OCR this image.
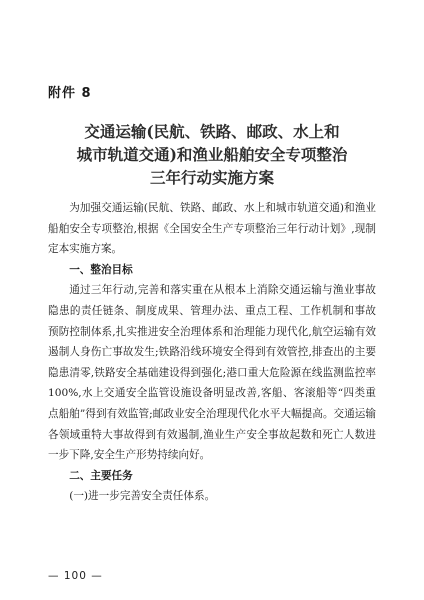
附件 8
交通运输(民航、铁路、邮政、水上和
城市轨道交通)和渔业船舶安全专项整治
三年行动实施方案

为加强交通运输(民航、铁路、邮政、水上和城市轨道交通)和渔业船舶安全专项整治,根据《全国安全生产专项整治三年行动计划》,现制定本实施方案。

一、整治目标

通过三年行动,完善和落实重在从根本上消除交通运输与渔业事故隐患的责任链条、制度成果、管理办法、重点工程、工作机制和事故预防控制体系,扎实推进安全治理体系和治理能力现代化,航空运输有效遏制人身伤亡事故发生;铁路沿线环境安全得到有效管控,排查出的主要隐患清零,铁路安全基础建设得到强化;港口重大危险源在线监测监控率100%,水上交通安全监管设施设备明显改善,客船、客滚船等“四类重点船舶”得到有效监管;邮政业安全治理现代化水平大幅提高。交通运输各领域重特大事故得到有效遏制,渔业生产安全事故起数和死亡人数进一步下降,安全生产形势持续向好。

二、主要任务

(一)进一步完善安全责任体系。

— 100 —
